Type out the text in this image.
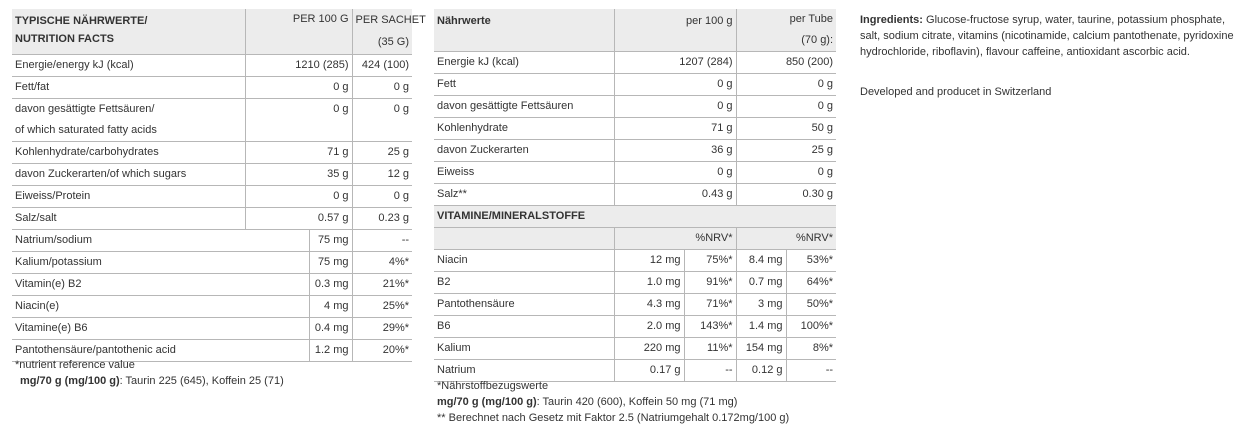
TYPISCHE NÄHRWERTE/
NUTRITION FACTS	PER 100 G		PER SACHET
			(35 G)
Energie/energy kJ (kcal)	1210 (285)		424 (100)
Fett/fat	0 g		0 g
davon gesättigte Fettsäuren/
of which saturated fatty acids	0 g		0 g
Kohlenhydrate/carbohydrates	71 g		25 g
davon Zuckerarten/of which sugars	35 g		12 g
Eiweiss/Protein	0 g		0 g
Salz/salt	0.57 g		0.23 g
Natrium/sodium		75 mg	--
Kalium/potassium		75 mg	4%*
Vitamin(e) B2		0.3 mg	21%*
Niacin(e)		4 mg	25%*
Vitamine(e) B6		0.4 mg	29%*
Pantothensäure/pantothenic acid		1.2 mg	20%*
*nutrient reference value
mg/70 g (mg/100 g): Taurin 225 (645), Koffein 25 (71)
Nährwerte	per 100 g		per Tube	
			(70 g):	
Energie kJ (kcal)	1207 (284)		850 (200)	
Fett	0 g		0 g	
davon gesättigte Fettsäuren	0 g		0 g	
Kohlenhydrate	71 g		50 g	
davon Zuckerarten	36 g		25 g	
Eiweiss	0 g		0 g	
Salz**	0.43 g		0.30 g	
VITAMINE/MINERALSTOFFE				
		%NRV*		%NRV*
Niacin	12 mg	75%*	8.4 mg	53%*
B2	1.0 mg	91%*	0.7 mg	64%*
Pantothensäure	4.3 mg	71%*	3 mg	50%*
B6	2.0 mg	143%*	1.4 mg	100%*
Kalium	220 mg	11%*	154 mg	8%*
Natrium	0.17 g	--	0.12 g	--
*Nährstoffbezugswerte
mg/70 g (mg/100 g): Taurin 420 (600), Koffein 50 mg (71 mg)
** Berechnet nach Gesetz mit Faktor 2.5 (Natriumgehalt 0.172mg/100 g)
Ingredients: Glucose-fructose syrup, water, taurine, potassium phosphate, salt, sodium citrate, vitamins (nicotinamide, calcium pantothenate, pyridoxine hydrochloride, riboflavin), flavour caffeine, antioxidant ascorbic acid.
Developed and producet in Switzerland
